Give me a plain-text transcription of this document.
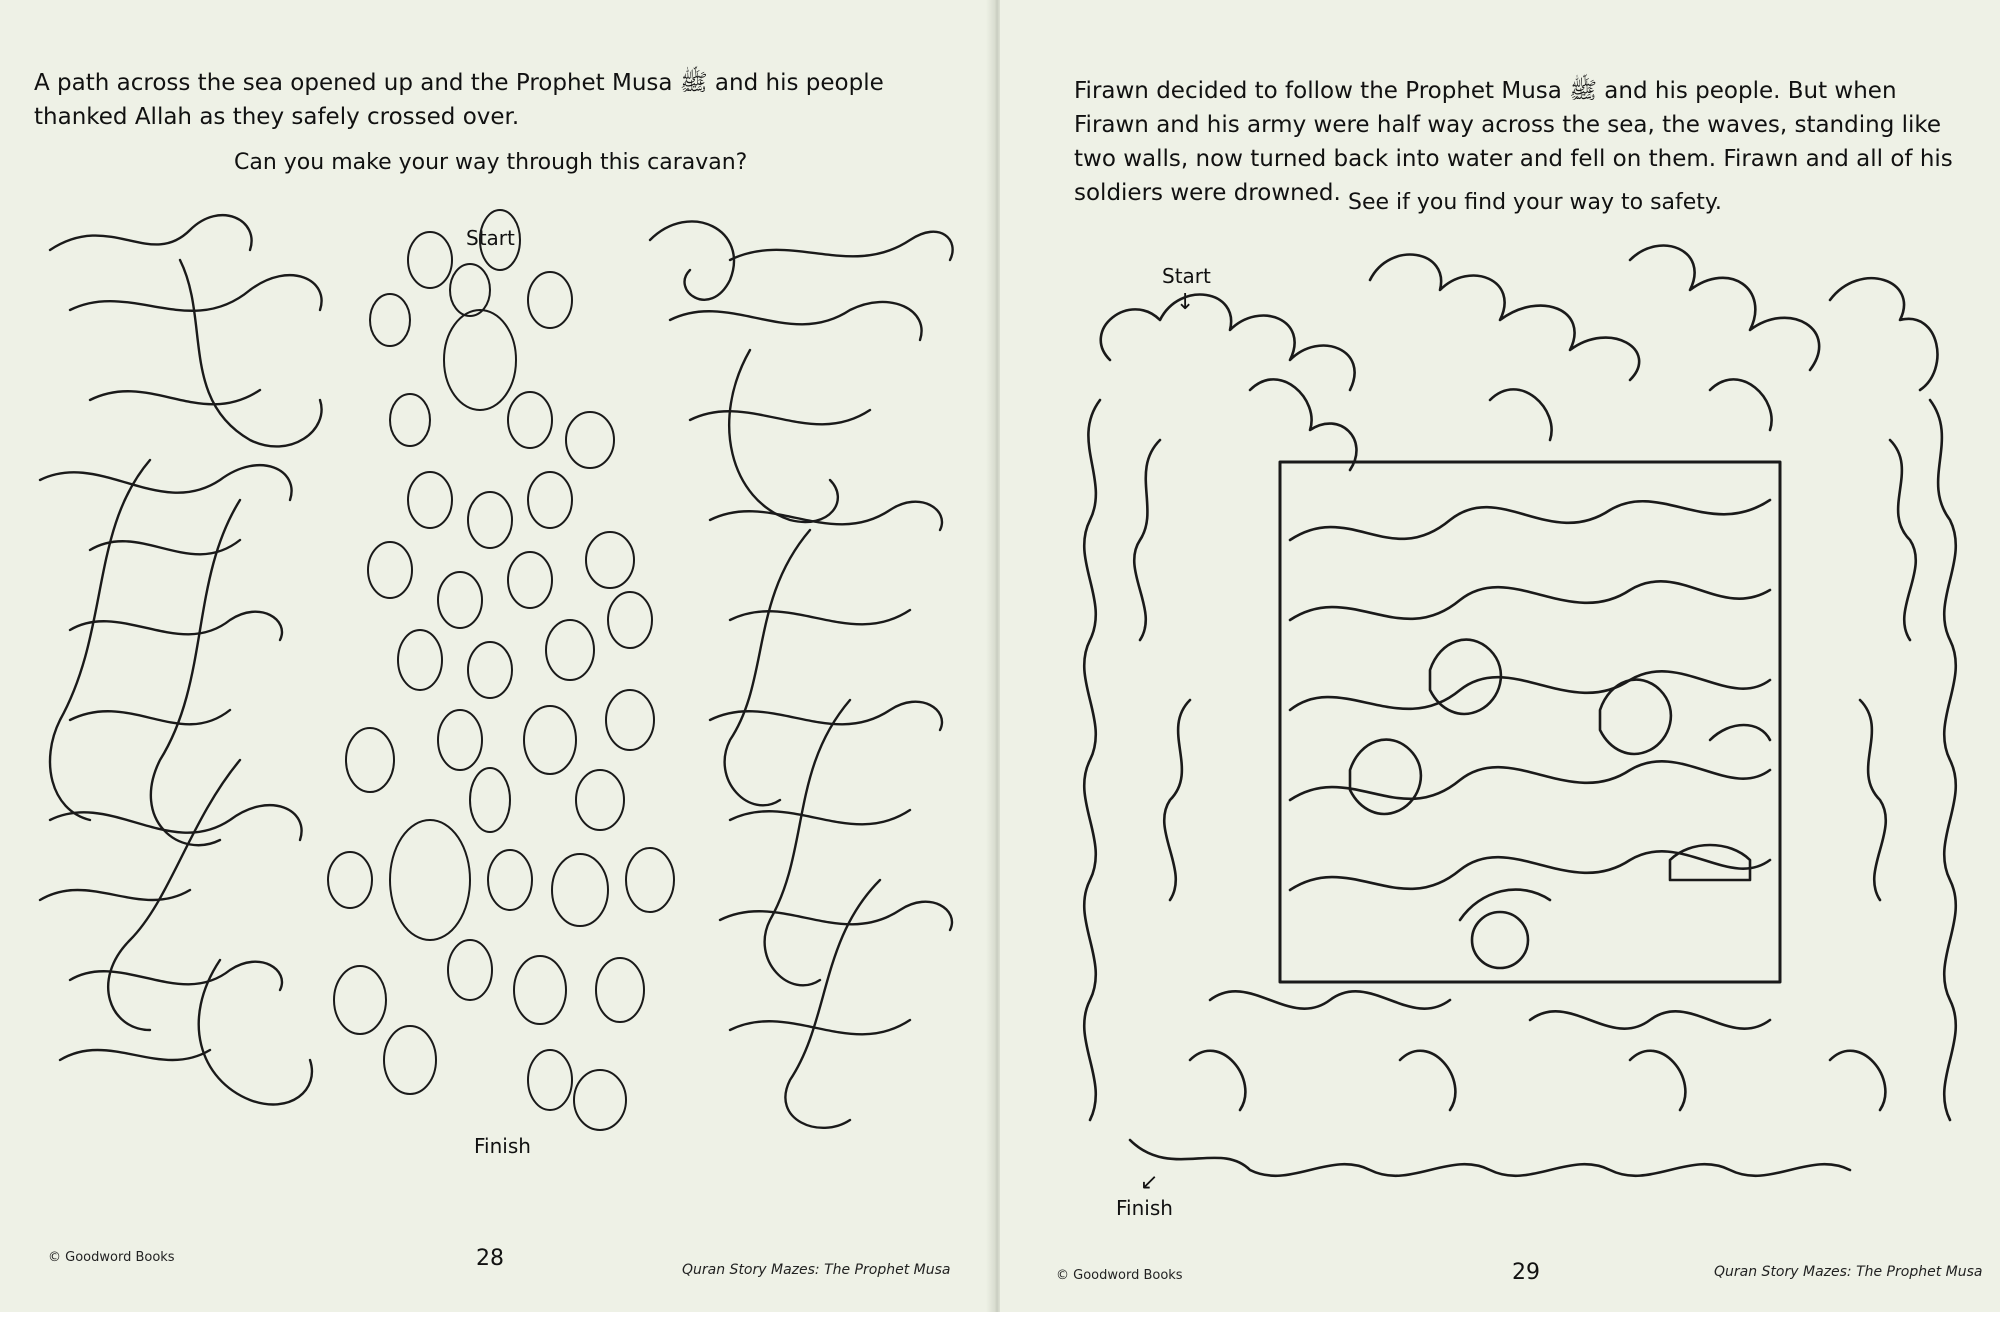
A path across the sea opened up and the Prophet Musa ﷺ and his people thanked Allah as they safely crossed over.
Can you make your way through this caravan?
Start
Finish
© Goodword Books	28	Quran Story Mazes: The Prophet Musa
Firawn decided to follow the Prophet Musa ﷺ and his people. But when Firawn and his army were half way across the sea, the waves, standing like two walls, now turned back into water and fell on them. Firawn and all of his soldiers were drowned. See if you find your way to safety.
Start
↓
↙
Finish
© Goodword Books	29	Quran Story Mazes: The Prophet Musa
